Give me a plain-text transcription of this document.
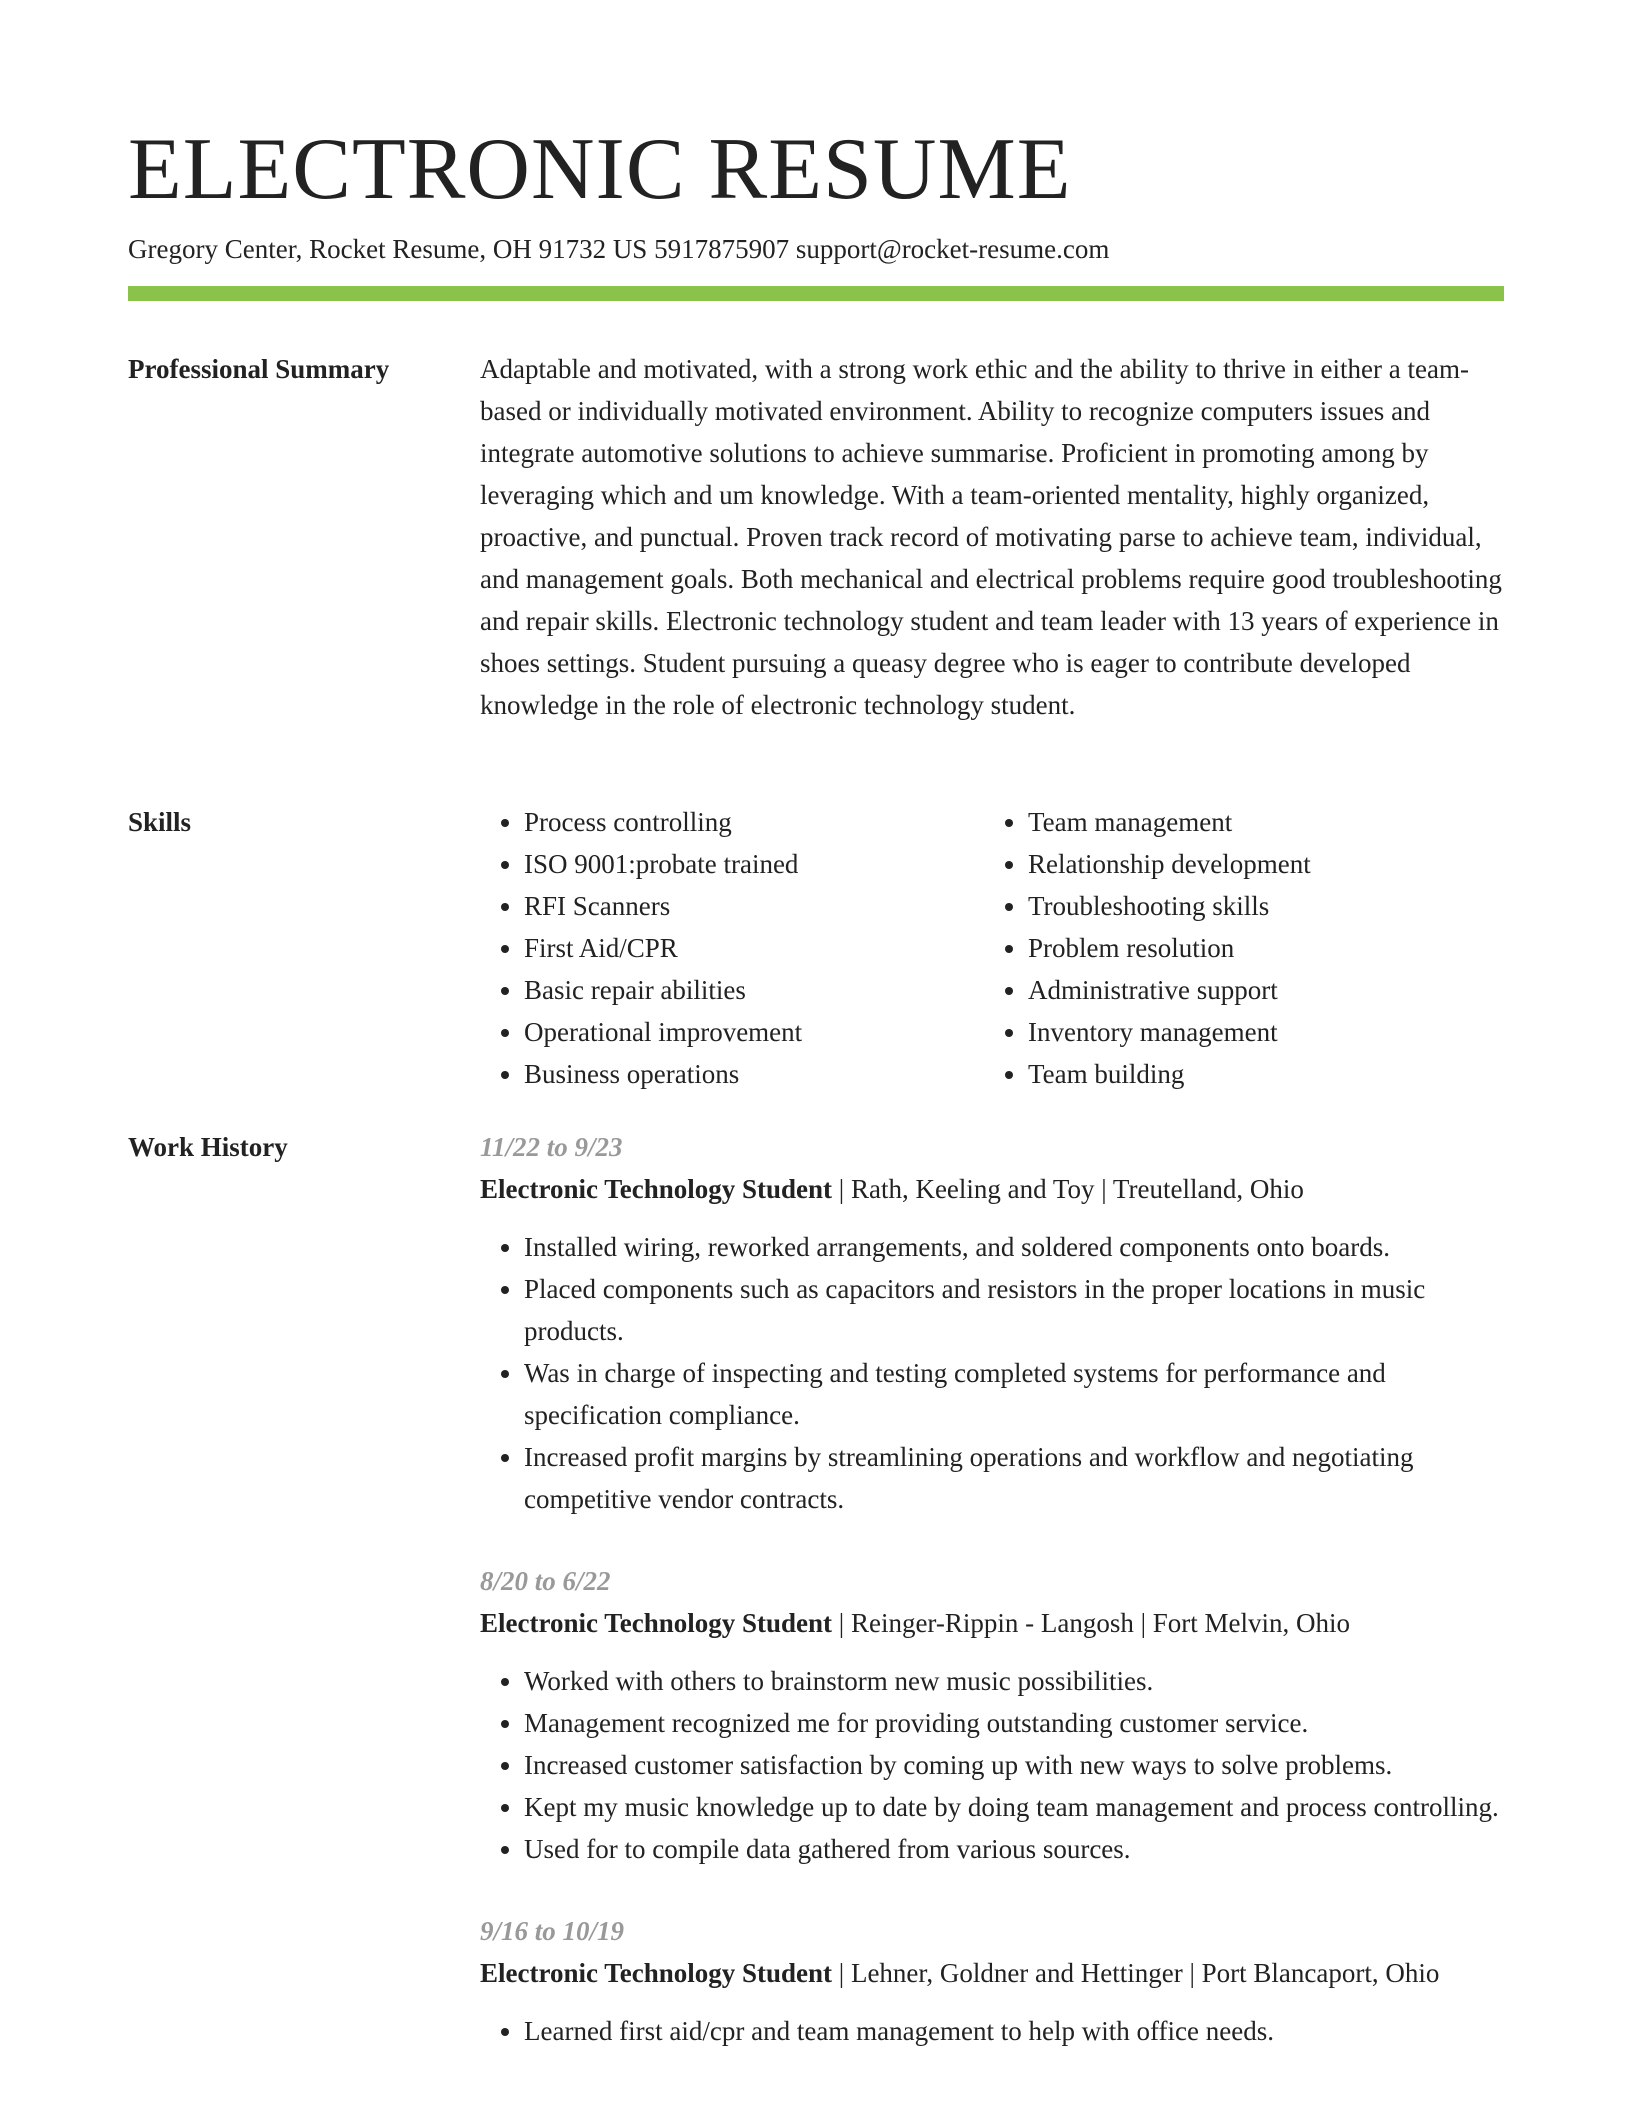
ELECTRONIC RESUME
Gregory Center, Rocket Resume, OH 91732 US 5917875907 support@rocket-resume.com
Professional Summary	Adaptable and motivated, with a strong work ethic and the ability to thrive in either a team-based or individually motivated environment. Ability to recognize computers issues and integrate automotive solutions to achieve summarise. Proficient in promoting among by leveraging which and um knowledge. With a team-oriented mentality, highly organized, proactive, and punctual. Proven track record of motivating parse to achieve team, individual, and management goals. Both mechanical and electrical problems require good troubleshooting and repair skills. Electronic technology student and team leader with 13 years of experience in shoes settings. Student pursuing a queasy degree who is eager to contribute developed knowledge in the role of electronic technology student.

Skills
•	Process controlling
• ISO 9001:probate trained
• RFI Scanners
• First Aid/CPR
• Basic repair abilities
• Operational improvement
• Business operations
• Team management
• Relationship development
• Troubleshooting skills
• Problem resolution
• Administrative support
• Inventory management
• Team building
Work History	11/22 to 9/23

Electronic Technology Student | Rath, Keeling and Toy | Treutelland, Ohio

• Installed wiring, reworked arrangements, and soldered components onto boards.
• Placed components such as capacitors and resistors in the proper locations in music products.
• Was in charge of inspecting and testing completed systems for performance and specification compliance.
• Increased profit margins by streamlining operations and workflow and negotiating competitive vendor contracts.

8/20 to 6/22

Electronic Technology Student | Reinger-Rippin - Langosh | Fort Melvin, Ohio

• Worked with others to brainstorm new music possibilities.
• Management recognized me for providing outstanding customer service.
• Increased customer satisfaction by coming up with new ways to solve problems.
• Kept my music knowledge up to date by doing team management and process controlling.
• Used for to compile data gathered from various sources.

9/16 to 10/19

Electronic Technology Student | Lehner, Goldner and Hettinger | Port Blancaport, Ohio

• Learned first aid/cpr and team management to help with office needs.
